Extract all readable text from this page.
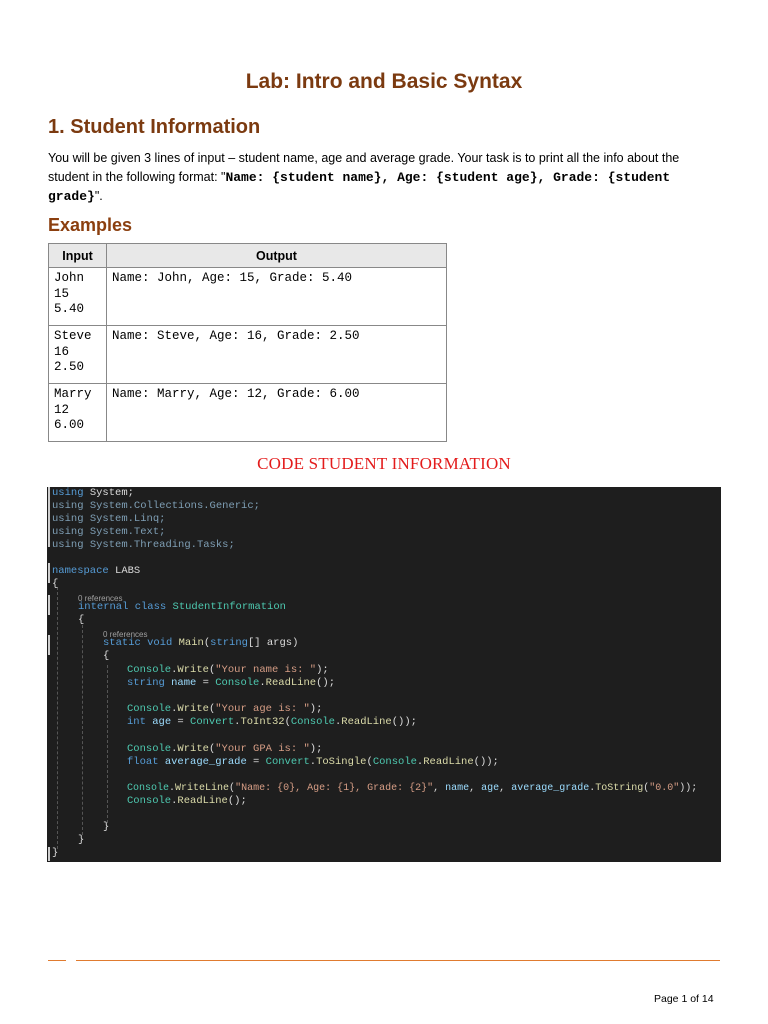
Lab: Intro and Basic Syntax
1. Student Information
You will be given 3 lines of input – student name, age and average grade. Your task is to print all the info about the student in the following format: "Name: {student name}, Age: {student age}, Grade: {student grade}".
Examples
Input	Output
John
15
5.40	Name: John, Age: 15, Grade: 5.40
Steve
16
2.50	Name: Steve, Age: 16, Grade: 2.50
Marry
12
6.00	Name: Marry, Age: 12, Grade: 6.00
CODE STUDENT INFORMATION
using System;
using System.Collections.Generic;
using System.Linq;
using System.Text;
using System.Threading.Tasks;
namespace LABS
{
0 references
internal class StudentInformation
{
0 references
static void Main(string[] args)
{
Console.Write("Your name is: ");
string name = Console.ReadLine();
Console.Write("Your age is: ");
int age = Convert.ToInt32(Console.ReadLine());
Console.Write("Your GPA is: ");
float average_grade = Convert.ToSingle(Console.ReadLine());
Console.WriteLine("Name: {0}, Age: {1}, Grade: {2}", name, age, average_grade.ToString("0.0"));
Console.ReadLine();
}
}
}
Page 1 of 14
